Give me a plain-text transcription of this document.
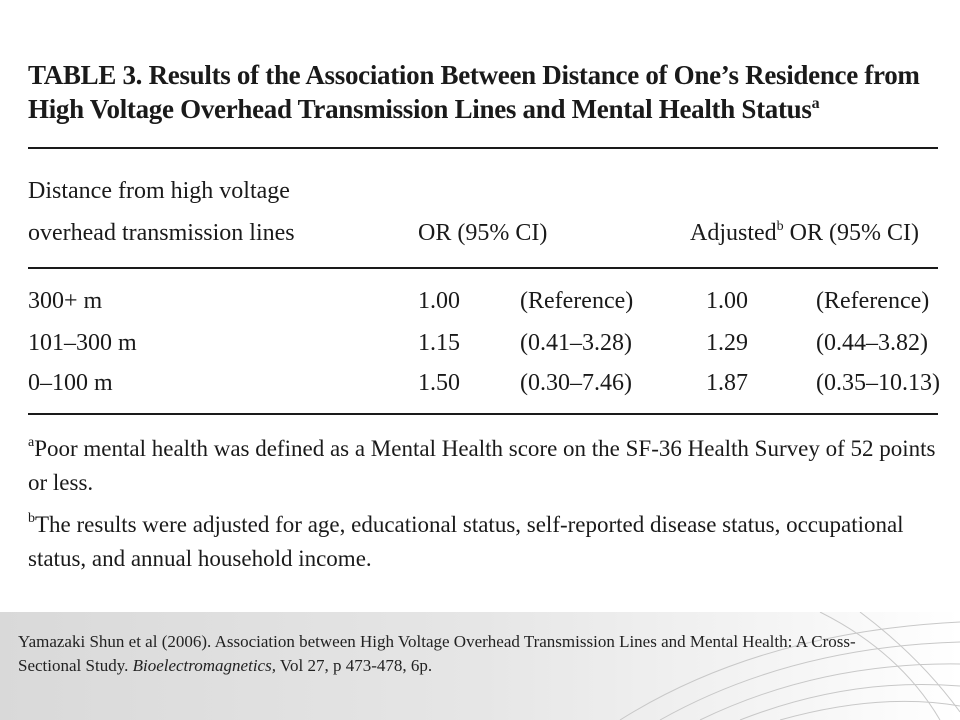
TABLE 3. Results of the Association Between Distance of One’s Residence from High Voltage Overhead Transmission Lines and Mental Health Status$^a$
Distance from high voltage
overhead transmission lines	OR (95% CI)	Adjusted$^b$ OR (95% CI)
300+ m	1.00	(Reference)	1.00	(Reference)
101–300 m	1.15	(0.41–3.28)	1.29	(0.44–3.82)
0–100 m	1.50	(0.30–7.46)	1.87	(0.35–10.13)
$^a$Poor mental health was defined as a Mental Health score on the SF-36 Health Survey of 52 points or less.
$^b$The results were adjusted for age, educational status, self-reported disease status, occupational status, and annual household income.
Yamazaki Shun et al (2006). Association between High Voltage Overhead Transmission Lines and Mental Health: A Cross-Sectional Study. Bioelectromagnetics, Vol 27, p 473-478, 6p.
